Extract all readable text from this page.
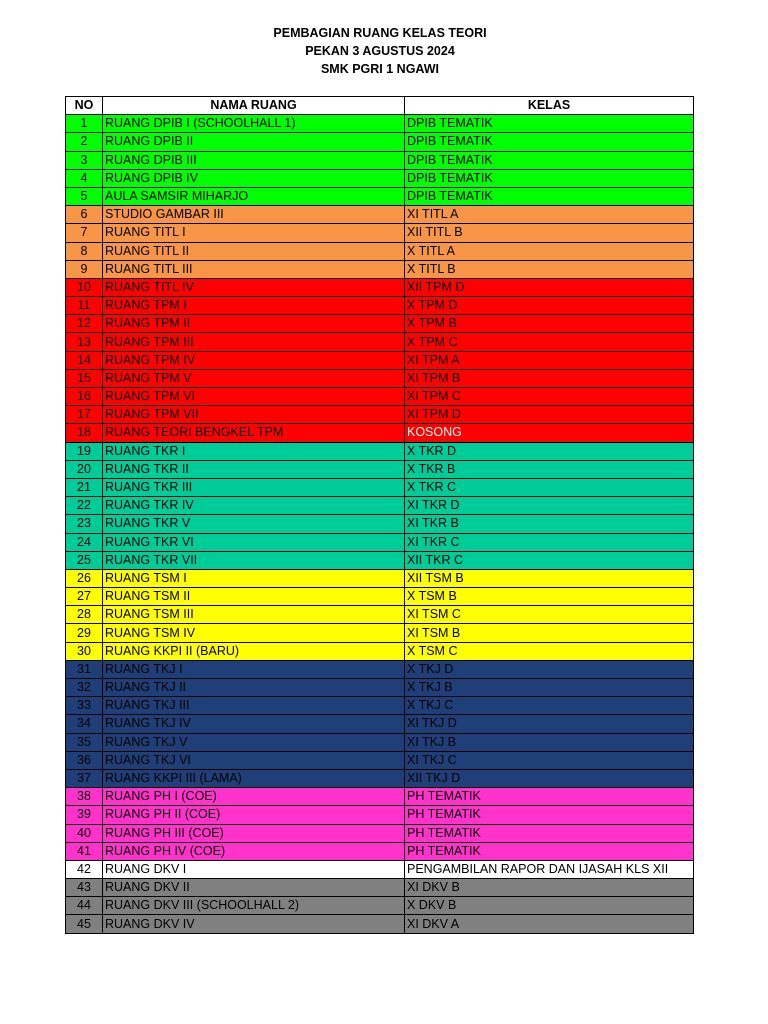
PEMBAGIAN RUANG KELAS TEORI
PEKAN 3 AGUSTUS 2024
SMK PGRI 1 NGAWI
NO	NAMA RUANG	KELAS
1	RUANG DPIB I (SCHOOLHALL 1)	DPIB TEMATIK
2	RUANG DPIB II	DPIB TEMATIK
3	RUANG DPIB III	DPIB TEMATIK
4	RUANG DPIB IV	DPIB TEMATIK
5	AULA SAMSIR MIHARJO	DPIB TEMATIK
6	STUDIO GAMBAR III	XI TITL A
7	RUANG TITL I	XII TITL B
8	RUANG TITL II	X TITL A
9	RUANG TITL III	X TITL B
10	RUANG TITL IV	XII TPM D
11	RUANG TPM I	X TPM D
12	RUANG TPM II	X TPM B
13	RUANG TPM III	X TPM C
14	RUANG TPM IV	XI TPM A
15	RUANG TPM V	XI TPM B
16	RUANG TPM VI	XI TPM C
17	RUANG TPM VII	XI TPM D
18	RUANG TEORI BENGKEL TPM	KOSONG
19	RUANG TKR I	X TKR D
20	RUANG TKR II	X TKR B
21	RUANG TKR III	X TKR C
22	RUANG TKR IV	XI TKR D
23	RUANG TKR V	XI TKR B
24	RUANG TKR VI	XI TKR C
25	RUANG TKR VII	XII TKR C
26	RUANG TSM I	XII TSM B
27	RUANG TSM II	X TSM B
28	RUANG TSM III	XI TSM C
29	RUANG TSM IV	XI TSM B
30	RUANG KKPI II (BARU)	X TSM C
31	RUANG TKJ I	X TKJ D
32	RUANG TKJ II	X TKJ B
33	RUANG TKJ III	X TKJ C
34	RUANG TKJ IV	XI TKJ D
35	RUANG TKJ V	XI TKJ B
36	RUANG TKJ VI	XI TKJ C
37	RUANG KKPI III (LAMA)	XII TKJ D
38	RUANG PH I (COE)	PH TEMATIK
39	RUANG PH II (COE)	PH TEMATIK
40	RUANG PH III (COE)	PH TEMATIK
41	RUANG PH IV (COE)	PH TEMATIK
42	RUANG DKV I	PENGAMBILAN RAPOR DAN IJASAH KLS XII
43	RUANG DKV II	XI DKV B
44	RUANG DKV III (SCHOOLHALL 2)	X DKV B
45	RUANG DKV IV	XI DKV A
